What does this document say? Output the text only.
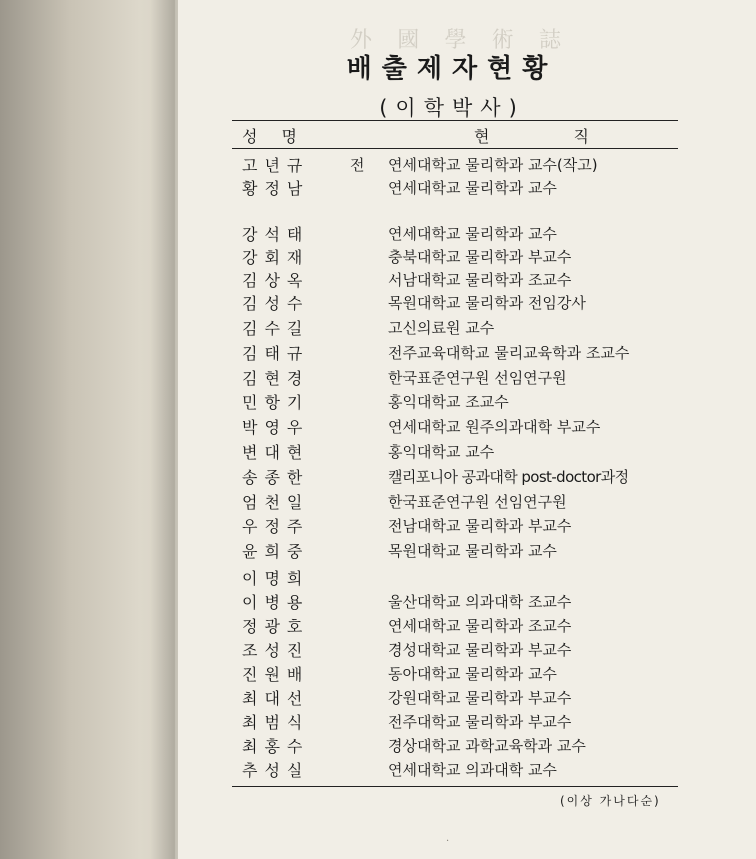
外 國 學 術 誌
배출제자현황
(이학박사)
성명	현직
고년규	전 연세대학교 물리학과 교수(작고)
황정남	연세대학교 물리학과 교수
강석태	연세대학교 물리학과 교수
강회재	충북대학교 물리학과 부교수
김상옥	서남대학교 물리학과 조교수
김성수	목원대학교 물리학과 전임강사
김수길	고신의료원 교수
김태규	전주교육대학교 물리교육학과 조교수
김현경	한국표준연구원 선임연구원
민항기	홍익대학교 조교수
박영우	연세대학교 원주의과대학 부교수
변대현	홍익대학교 교수
송종한	캘리포니아 공과대학 post-doctor과정
엄천일	한국표준연구원 선임연구원
우정주	전남대학교 물리학과 부교수
윤희중	목원대학교 물리학과 교수
이명희
이병용	울산대학교 의과대학 조교수
정광호	연세대학교 물리학과 조교수
조성진	경성대학교 물리학과 부교수
진원배	동아대학교 물리학과 교수
최대선	강원대학교 물리학과 부교수
최범식	전주대학교 물리학과 부교수
최홍수	경상대학교 과학교육학과 교수
추성실	연세대학교 의과대학 교수
(이상 가나다순)
·
